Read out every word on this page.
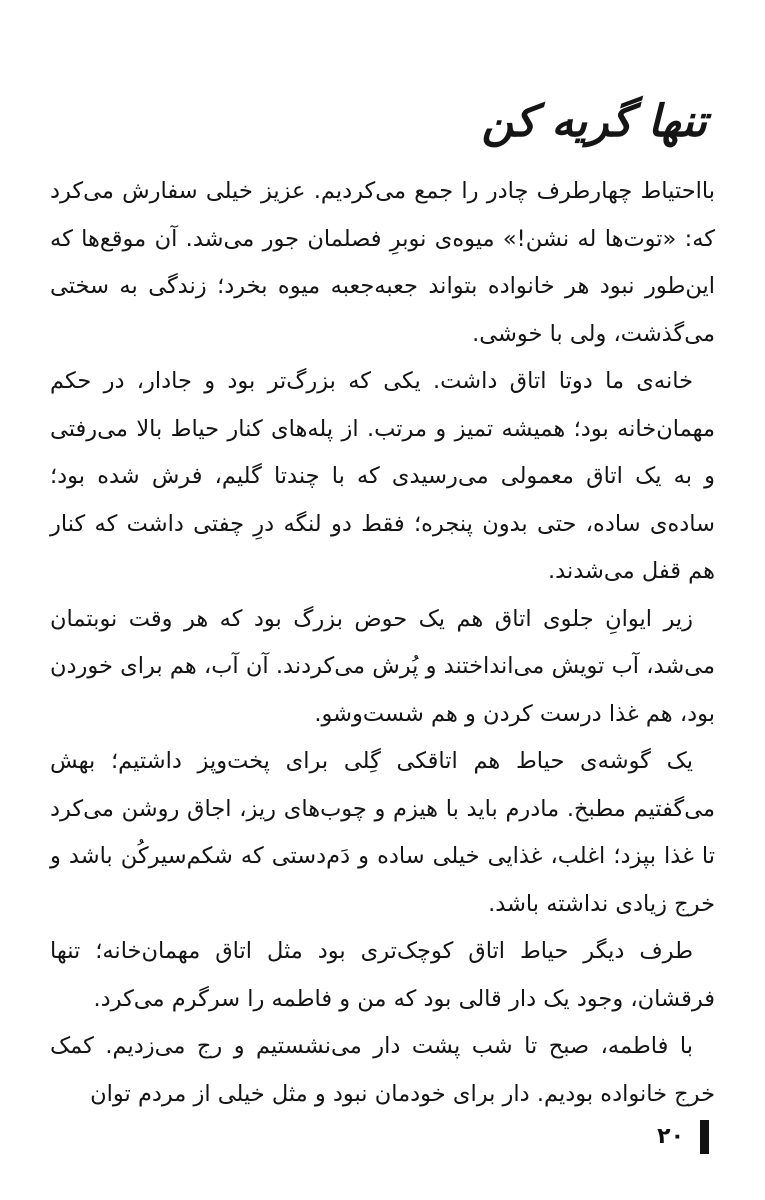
تنها گریه کن

بااحتیاط چهارطرف چادر را جمع می‌کردیم. عزیز خیلی سفارش می‌کرد که: «توت‌ها له نشن!» میوه‌ی نوبرِ فصلمان جور می‌شد. آن موقع‌ها که این‌طور نبود هر خانواده بتواند جعبه‌جعبه میوه بخرد؛ زندگی به سختی می‌گذشت، ولی با خوشی.

خانه‌ی ما دوتا اتاق داشت. یکی که بزرگ‌تر بود و جادار، در حکم مهمان‌خانه بود؛ همیشه تمیز و مرتب. از پله‌های کنار حیاط بالا می‌رفتی و به یک اتاق معمولی می‌رسیدی که با چندتا گلیم، فرش شده بود؛ ساده‌ی ساده، حتی بدون پنجره؛ فقط دو لنگه درِ چفتی داشت که کنار هم قفل می‌شدند.

زیر ایوانِ جلوی اتاق هم یک حوض بزرگ بود که هر وقت نوبتمان می‌شد، آب تویش می‌انداختند و پُرش می‌کردند. آن آب، هم برای خوردن بود، هم غذا درست کردن و هم شست‌وشو.

یک گوشه‌ی حیاط هم اتاقکی گِلی برای پخت‌وپز داشتیم؛ بهش می‌گفتیم مطبخ. مادرم باید با هیزم و چوب‌های ریز، اجاق روشن می‌کرد تا غذا بپزد؛ اغلب، غذایی خیلی ساده و دَم‌دستی که شکم‌سیرکُن باشد و خرج زیادی نداشته باشد.

طرف دیگر حیاط اتاق کوچک‌تری بود مثل اتاق مهمان‌خانه؛ تنها فرقشان، وجود یک دار قالی بود که من و فاطمه را سرگرم می‌کرد.

با فاطمه، صبح تا شب پشت دار می‌نشستیم و رج می‌زدیم. کمک خرج خانواده بودیم. دار برای خودمان نبود و مثل خیلی از مردم توان

۲۰
